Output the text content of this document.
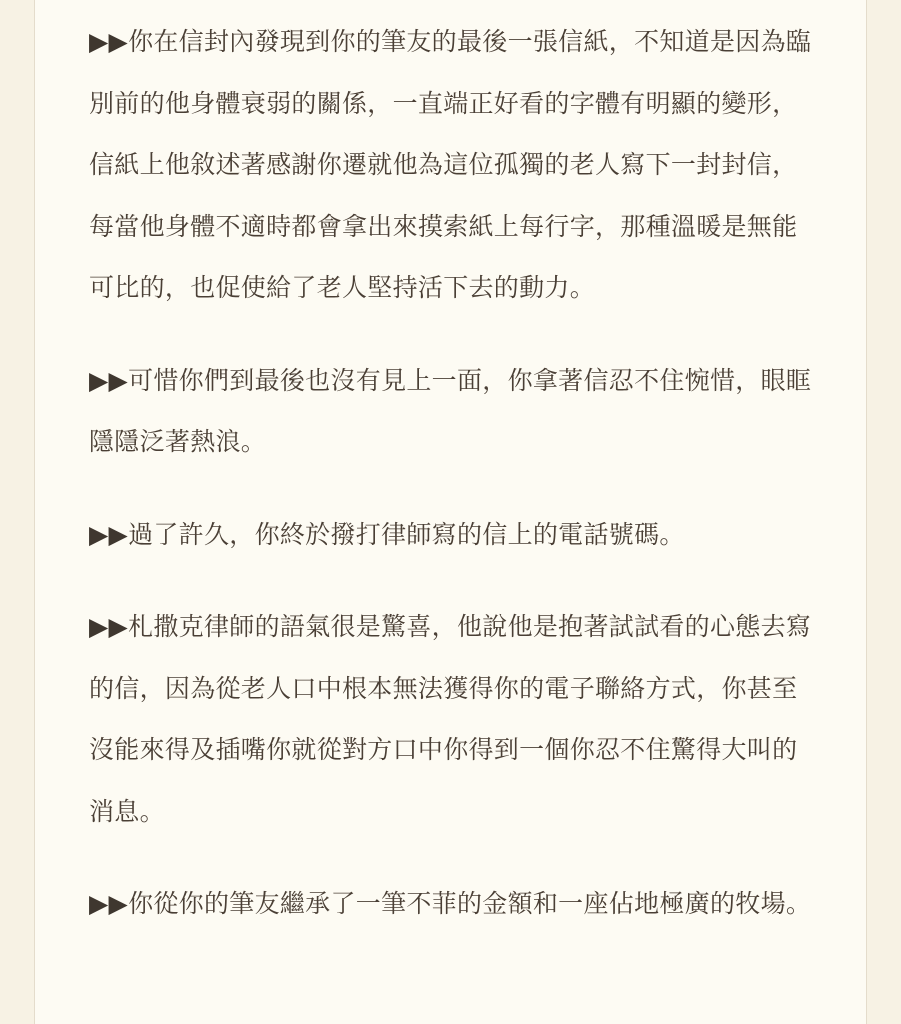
▶▶你在信封內發現到你的筆友的最後一張信紙，不知道是因為臨別前的他身體衰弱的關係，一直端正好看的字體有明顯的變形，信紙上他敘述著感謝你遷就他為這位孤獨的老人寫下一封封信，每當他身體不適時都會拿出來摸索紙上每行字，那種溫暖是無能可比的，也促使給了老人堅持活下去的動力。

▶▶可惜你們到最後也沒有見上一面，你拿著信忍不住惋惜，眼眶隱隱泛著熱浪。

▶▶過了許久，你終於撥打律師寫的信上的電話號碼。

▶▶札撒克律師的語氣很是驚喜，他說他是抱著試試看的心態去寫的信，因為從老人口中根本無法獲得你的電子聯絡方式，你甚至沒能來得及插嘴你就從對方口中你得到一個你忍不住驚得大叫的消息。

▶▶你從你的筆友繼承了一筆不菲的金額和一座佔地極廣的牧場。
